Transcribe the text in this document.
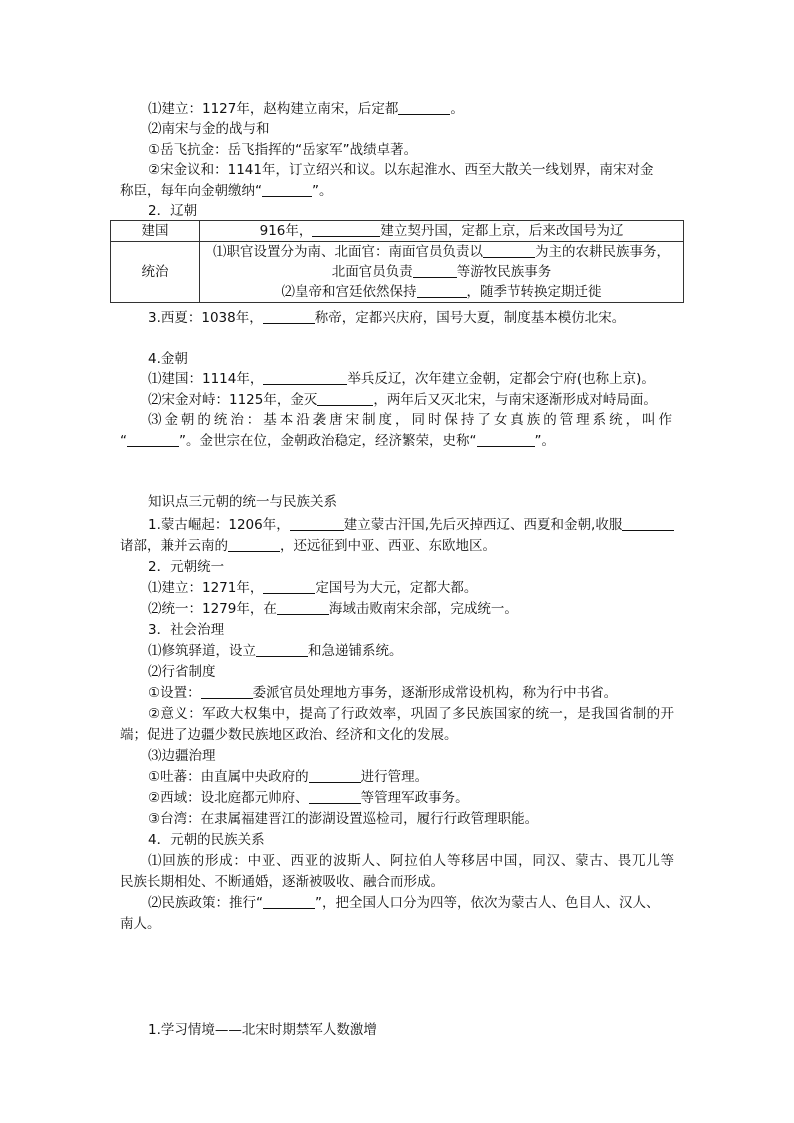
⑴建立：1127年，赵构建立南宋，后定都	。
⑵南宋与金的战与和
①岳飞抗金：岳飞指挥的“岳家军”战绩卓著。
②宋金议和：1141年，订立绍兴和议。以东起淮水、西至大散关一线划界，南宋对金
称臣，每年向金朝缴纳“	”。
2．辽朝
建国	916年， 建立契丹国，定都上京，后来改国号为辽
统治	⑴职官设置分为南、北面官：南面官员负责以 为主的农耕民族事务，
北面官员负责 等游牧民族事务
⑵皇帝和宫廷依然保持 ，随季节转换定期迁徙
3.西夏：1038年，	称帝，定都兴庆府，国号大夏，制度基本模仿北宋。
4.金朝
⑴建国：1114年，	举兵反辽，次年建立金朝，定都会宁府(也称上京)。
⑵宋金对峙：1125年，金灭	，两年后又灭北宋，与南宋逐渐形成对峙局面。
⑶金朝的统治：基本沿袭唐宋制度，同时保持了女真族的管理系统，叫作
“	”。金世宗在位，金朝政治稳定，经济繁荣，史称“	”。
知识点三元朝的统一与民族关系
1.蒙古崛起：1206年，	建立蒙古汗国,先后灭掉西辽、西夏和金朝,收服
诸部，兼并云南的	，还远征到中亚、西亚、东欧地区。
2．元朝统一
⑴建立：1271年，	定国号为大元，定都大都。
⑵统一：1279年，在	海域击败南宋余部，完成统一。
3．社会治理
⑴修筑驿道，设立	和急递铺系统。
⑵行省制度
①设置：	委派官员处理地方事务，逐渐形成常设机构，称为行中书省。
②意义：军政大权集中，提高了行政效率，巩固了多民族国家的统一，是我国省制的开
端；促进了边疆少数民族地区政治、经济和文化的发展。
⑶边疆治理
①吐蕃：由直属中央政府的	进行管理。
②西域：设北庭都元帅府、	等管理军政事务。
③台湾：在隶属福建晋江的澎湖设置巡检司，履行行政管理职能。
4．元朝的民族关系
⑴回族的形成：中亚、西亚的波斯人、阿拉伯人等移居中国，同汉、蒙古、畏兀儿等
民族长期相处、不断通婚，逐渐被吸收、融合而形成。
⑵民族政策：推行“	”，把全国人口分为四等，依次为蒙古人、色目人、汉人、
南人。
1.学习情境——北宋时期禁军人数激增
